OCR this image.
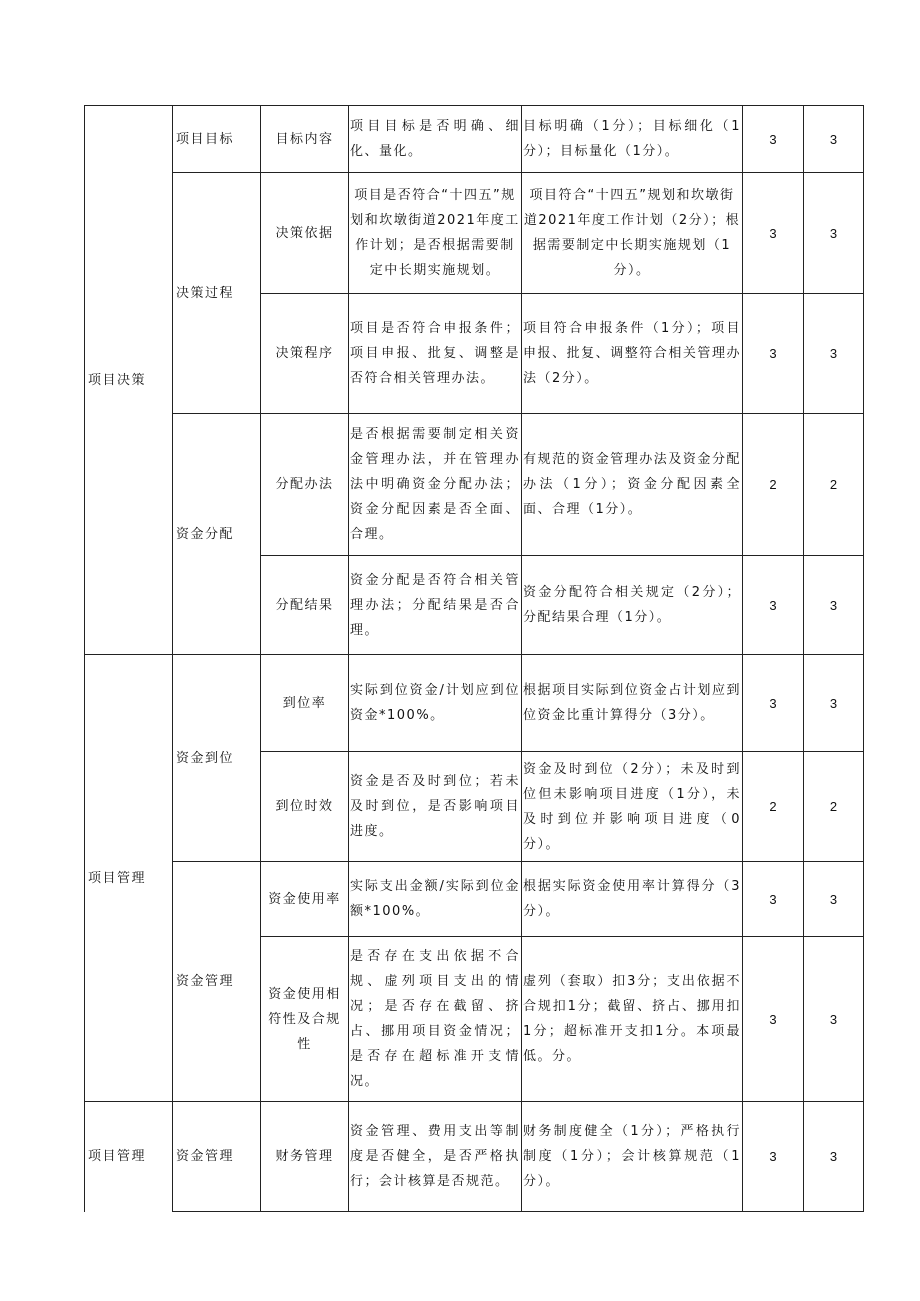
项目决策	项目目标	目标内容	项目目标是否明确、细化、量化。	目标明确（1分）；目标细化（1分）；目标量化（1分）。	3	3
	决策过程	决策依据	项目是否符合“十四五”规划和坎墩街道2021年度工作计划；是否根据需要制定中长期实施规划。	项目符合“十四五”规划和坎墩街道2021年度工作计划（2分）；根据需要制定中长期实施规划（1分）。	3	3
		决策程序	项目是否符合申报条件；项目申报、批复、调整是否符合相关管理办法。	项目符合申报条件（1分）；项目申报、批复、调整符合相关管理办法（2分）。	3	3
	资金分配	分配办法	是否根据需要制定相关资金管理办法，并在管理办法中明确资金分配办法；资金分配因素是否全面、合理。	有规范的资金管理办法及资金分配办法（1分）；资金分配因素全面、合理（1分）。	2	2
		分配结果	资金分配是否符合相关管理办法；分配结果是否合理。	资金分配符合相关规定（2分）；分配结果合理（1分）。	3	3
项目管理	资金到位	到位率	实际到位资金/计划应到位资金*100%。	根据项目实际到位资金占计划应到位资金比重计算得分（3分）。	3	3
		到位时效	资金是否及时到位；若未及时到位，是否影响项目进度。	资金及时到位（2分）；未及时到位但未影响项目进度（1分），未及时到位并影响项目进度（0分）。	2	2
	资金管理	资金使用率	实际支出金额/实际到位金额*100%。	根据实际资金使用率计算得分（3分）。	3	3
		资金使用相符性及合规性	是否存在支出依据不合规、虚列项目支出的情况；是否存在截留、挤占、挪用项目资金情况；是否存在超标准开支情况。	虚列（套取）扣3分；支出依据不合规扣1分；截留、挤占、挪用扣1分；超标准开支扣1分。本项最低。分。	3	3
项目管理	资金管理	财务管理	资金管理、费用支出等制度是否健全，是否严格执行；会计核算是否规范。	财务制度健全（1分）；严格执行制度（1分）；会计核算规范（1分）。	3	3
